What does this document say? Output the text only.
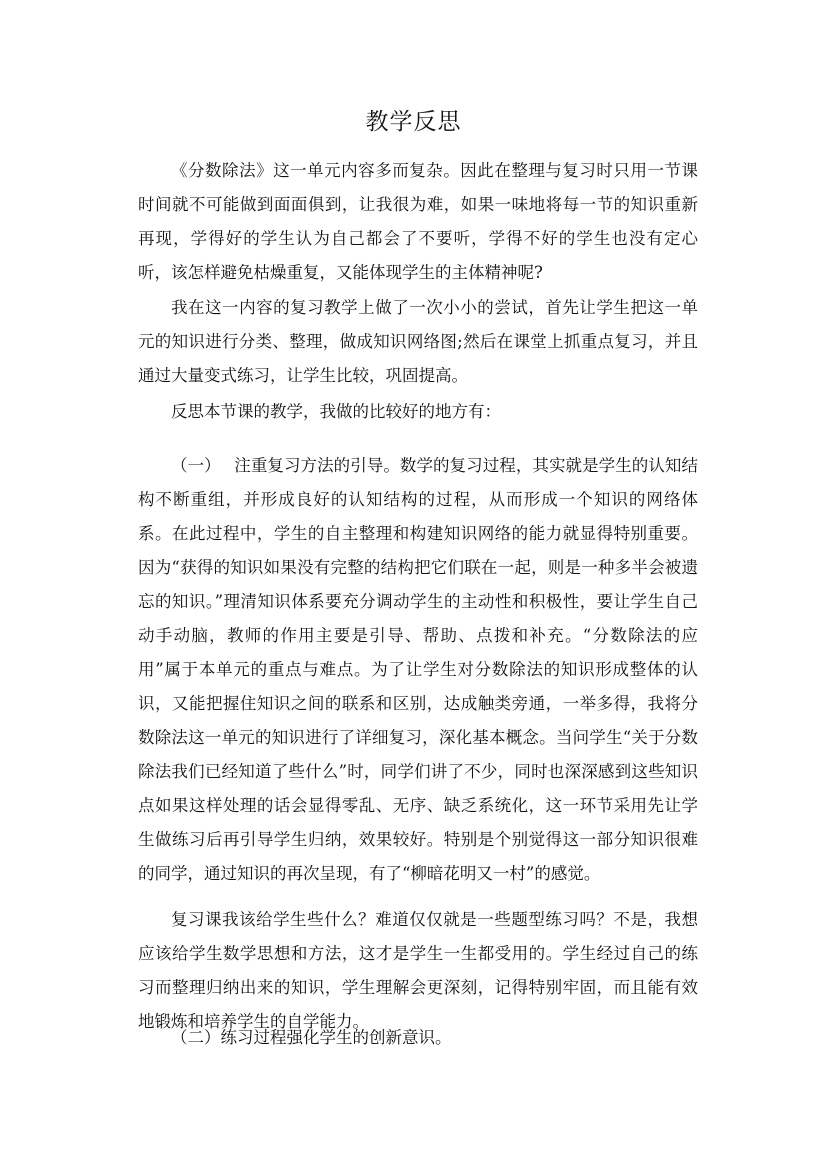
教学反思

《分数除法》这一单元内容多而复杂。因此在整理与复习时只用一节课时间就不可能做到面面俱到，让我很为难，如果一味地将每一节的知识重新再现，学得好的学生认为自己都会了不要听，学得不好的学生也没有定心听，该怎样避免枯燥重复，又能体现学生的主体精神呢?

我在这一内容的复习教学上做了一次小小的尝试，首先让学生把这一单元的知识进行分类、整理，做成知识网络图;然后在课堂上抓重点复习，并且通过大量变式练习，让学生比较，巩固提高。

反思本节课的教学，我做的比较好的地方有：

（一）　 注重复习方法的引导。数学的复习过程，其实就是学生的认知结构不断重组，并形成良好的认知结构的过程，从而形成一个知识的网络体系。在此过程中，学生的自主整理和构建知识网络的能力就显得特别重要。因为“获得的知识如果没有完整的结构把它们联在一起，则是一种多半会被遗忘的知识。”理清知识体系要充分调动学生的主动性和积极性，要让学生自己动手动脑，教师的作用主要是引导、帮助、点拨和补充。“分数除法的应用”属于本单元的重点与难点。为了让学生对分数除法的知识形成整体的认识，又能把握住知识之间的联系和区别，达成触类旁通，一举多得，我将分数除法这一单元的知识进行了详细复习，深化基本概念。当问学生“关于分数除法我们已经知道了些什么”时，同学们讲了不少，同时也深深感到这些知识点如果这样处理的话会显得零乱、无序、缺乏系统化，这一环节采用先让学生做练习后再引导学生归纳，效果较好。特别是个别觉得这一部分知识很难的同学，通过知识的再次呈现，有了“柳暗花明又一村”的感觉。

复习课我该给学生些什么？难道仅仅就是一些题型练习吗？不是，我想应该给学生数学思想和方法，这才是学生一生都受用的。学生经过自己的练习而整理归纳出来的知识，学生理解会更深刻，记得特别牢固，而且能有效地锻炼和培养学生的自学能力。

（二）练习过程强化学生的创新意识。
